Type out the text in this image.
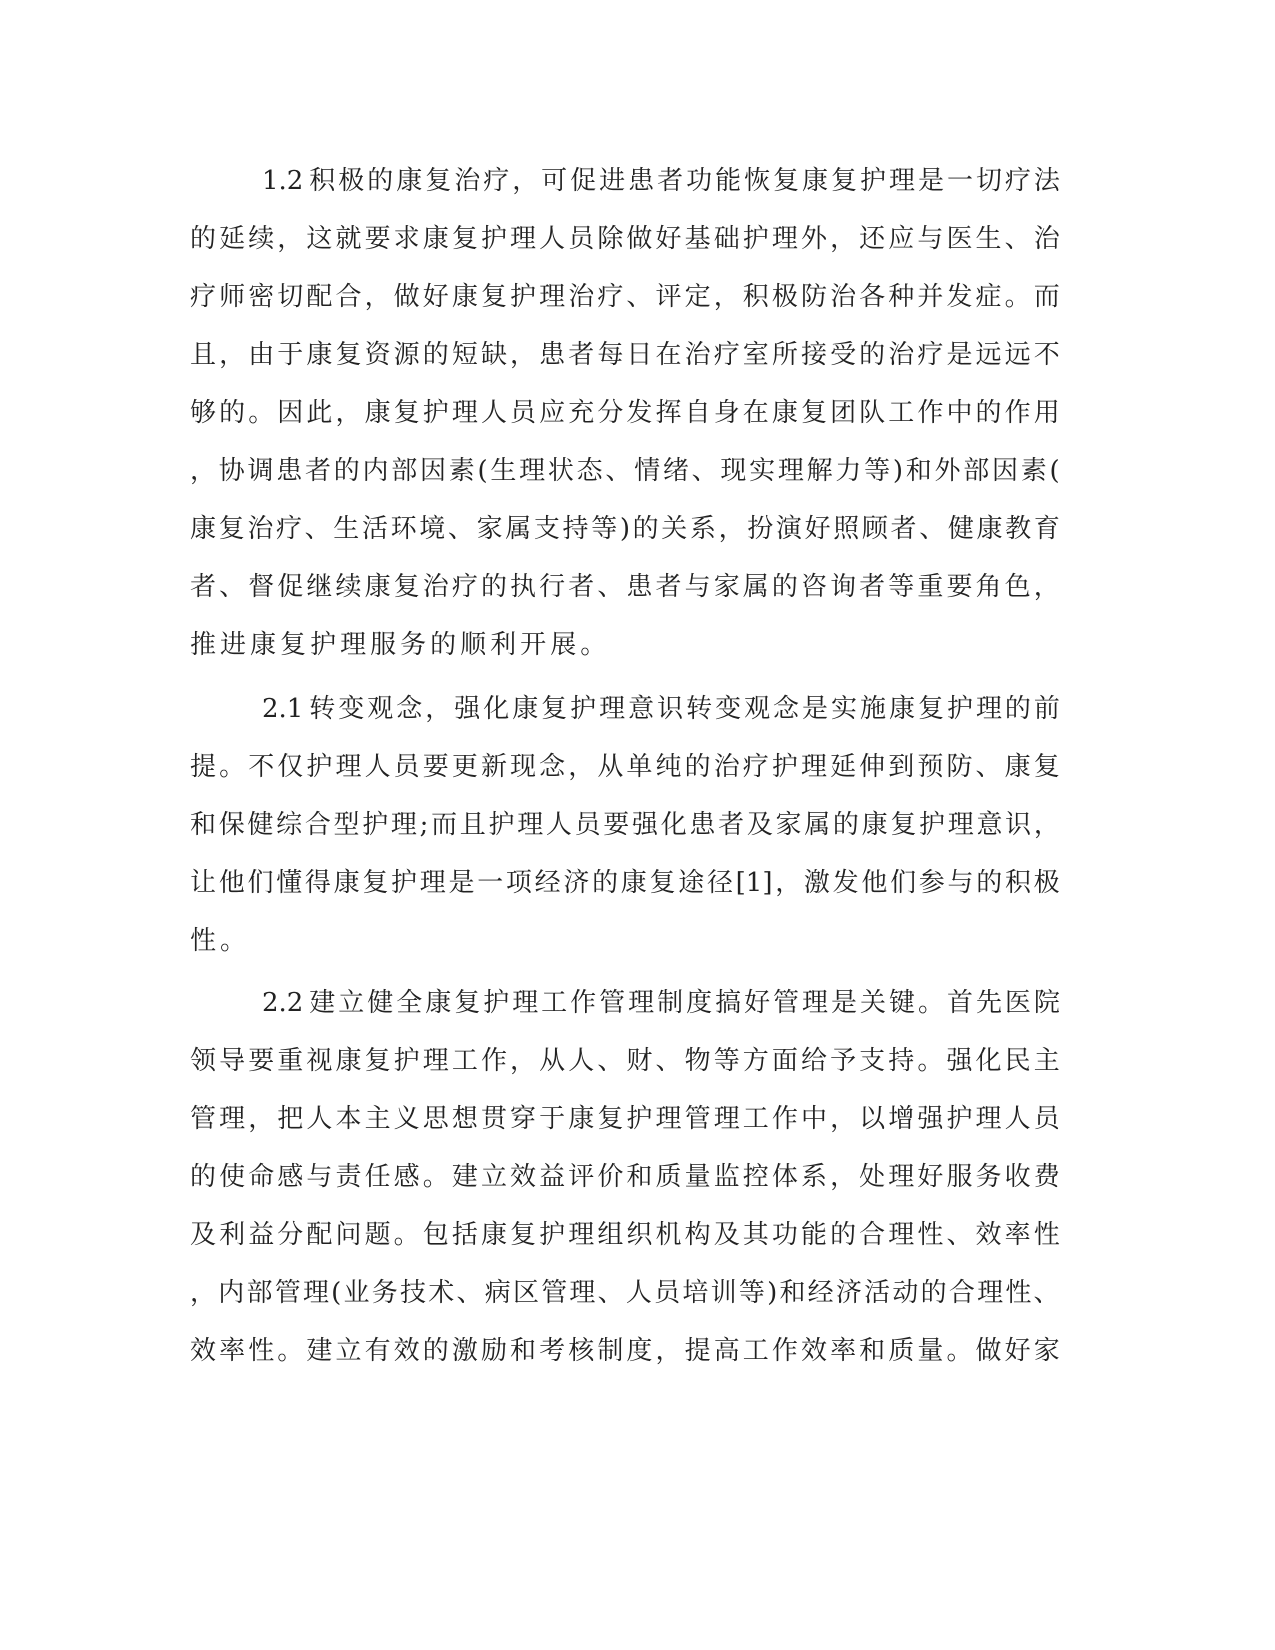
1.2 积 极 的 康 复 治 疗 ， 可 促 进 患 者 功 能 恢 复 康 复 护 理 是 一 切 疗 法
的 延 续 ， 这 就 要 求 康 复 护 理 人 员 除 做 好 基 础 护 理 外 ， 还 应 与 医 生 、 治
疗 师 密 切 配 合 ， 做 好 康 复 护 理 治 疗 、 评 定 ， 积 极 防 治 各 种 并 发 症 。 而
且 ， 由 于 康 复 资 源 的 短 缺 ， 患 者 每 日 在 治 疗 室 所 接 受 的 治 疗 是 远 远 不
够 的 。 因 此 ， 康 复 护 理 人 员 应 充 分 发 挥 自 身 在 康 复 团 队 工 作 中 的 作 用
， 协 调 患 者 的 内 部 因 素 ( 生 理 状 态 、 情 绪 、 现 实 理 解 力 等 ) 和 外 部 因 素 (
康 复 治 疗 、 生 活 环 境 、 家 属 支 持 等 ) 的 关 系 ， 扮 演 好 照 顾 者 、 健 康 教 育
者 、 督 促 继 续 康 复 治 疗 的 执 行 者 、 患 者 与 家 属 的 咨 询 者 等 重 要 角 色 ，
推 进 康 复 护 理 服 务 的 顺 利 开 展 。
2.1 转 变 观 念 ， 强 化 康 复 护 理 意 识 转 变 观 念 是 实 施 康 复 护 理 的 前
提 。 不 仅 护 理 人 员 要 更 新 现 念 ， 从 单 纯 的 治 疗 护 理 延 伸 到 预 防 、 康 复
和 保 健 综 合 型 护 理 ; 而 且 护 理 人 员 要 强 化 患 者 及 家 属 的 康 复 护 理 意 识 ，
让 他 们 懂 得 康 复 护 理 是 一 项 经 济 的 康 复 途 径 [1] ， 激 发 他 们 参 与 的 积 极
性 。
2.2 建 立 健 全 康 复 护 理 工 作 管 理 制 度 搞 好 管 理 是 关 键 。 首 先 医 院
领 导 要 重 视 康 复 护 理 工 作 ， 从 人 、 财 、 物 等 方 面 给 予 支 持 。 强 化 民 主
管 理 ， 把 人 本 主 义 思 想 贯 穿 于 康 复 护 理 管 理 工 作 中 ， 以 增 强 护 理 人 员
的 使 命 感 与 责 任 感 。 建 立 效 益 评 价 和 质 量 监 控 体 系 ， 处 理 好 服 务 收 费
及 利 益 分 配 问 题 。 包 括 康 复 护 理 组 织 机 构 及 其 功 能 的 合 理 性 、 效 率 性
， 内 部 管 理 ( 业 务 技 术 、 病 区 管 理 、 人 员 培 训 等 ) 和 经 济 活 动 的 合 理 性 、
效 率 性 。 建 立 有 效 的 激 励 和 考 核 制 度 ， 提 高 工 作 效 率 和 质 量 。 做 好 家
